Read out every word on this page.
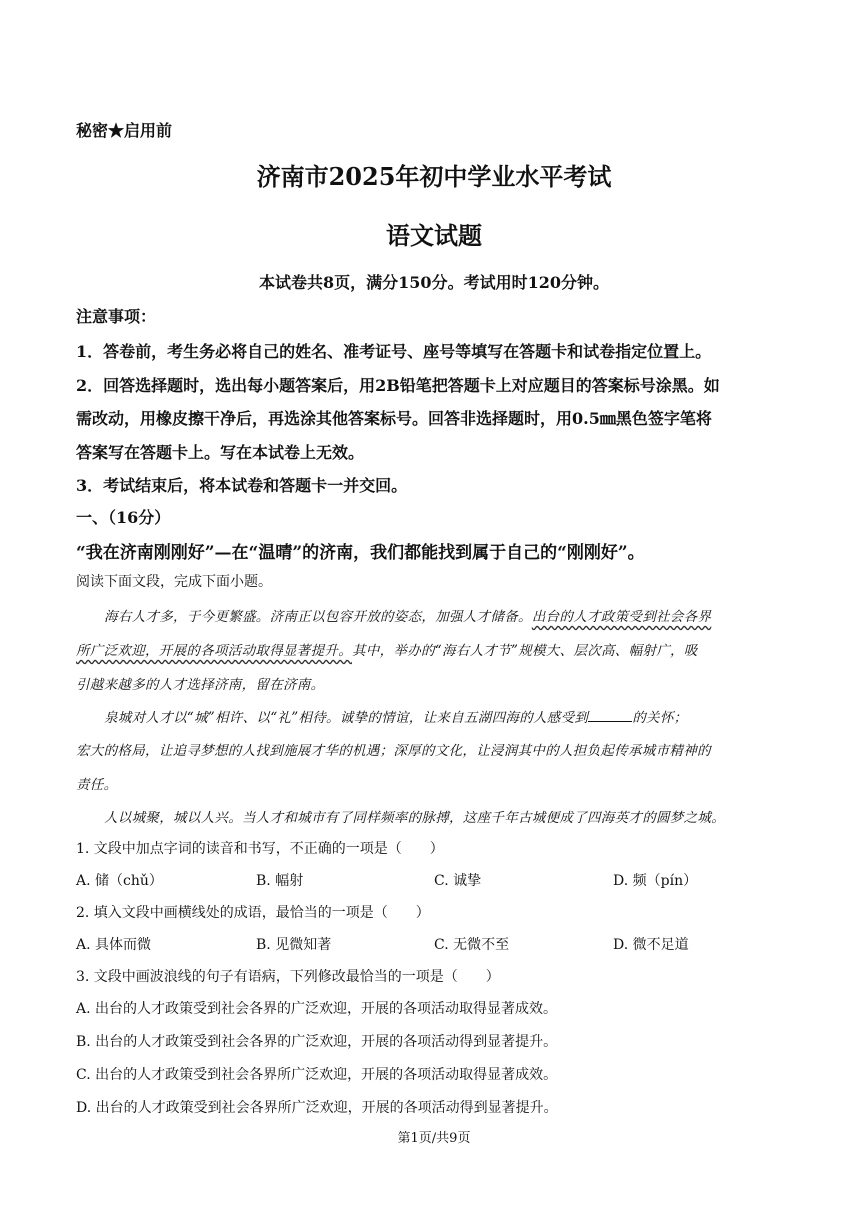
秘密★启用前
济南市2025年初中学业水平考试
语文试题
本试卷共8页，满分150分。考试用时120分钟。
注意事项：
1．答卷前，考生务必将自己的姓名、准考证号、座号等填写在答题卡和试卷指定位置上。
2．回答选择题时，选出每小题答案后，用2B铅笔把答题卡上对应题目的答案标号涂黑。如
需改动，用橡皮擦干净后，再选涂其他答案标号。回答非选择题时，用0.5㎜黑色签字笔将
答案写在答题卡上。写在本试卷上无效。
3．考试结束后，将本试卷和答题卡一并交回。
一、（16分）
“我在济南刚刚好”—在“温晴”的济南，我们都能找到属于自己的“刚刚好”。
阅读下面文段，完成下面小题。
海右人才多，于今更繁盛。济南正以包容开放的姿态，加强人才储备。出台的人才政策受到社会各界
所广泛欢迎，开展的各项活动取得显著提升。其中，举办的“海右人才节”规模大、层次高、幅射广，吸
引越来越多的人才选择济南，留在济南。
泉城对人才以“城”相许、以“礼”相待。诚挚的情谊，让来自五湖四海的人感受到	的关怀；
宏大的格局，让追寻梦想的人找到施展才华的机遇；深厚的文化，让浸润其中的人担负起传承城市精神的
责任。
人以城聚，城以人兴。当人才和城市有了同样频率的脉搏，这座千年古城便成了四海英才的圆梦之城。
1. 文段中加点字词的读音和书写，不正确的一项是（　　）
A. 储（chǔ）	B. 幅射	C. 诚挚	D. 频（pín）
2. 填入文段中画横线处的成语，最恰当的一项是（　　）
A. 具体而微	B. 见微知著	C. 无微不至	D. 微不足道
3. 文段中画波浪线的句子有语病，下列修改最恰当的一项是（　　）
A. 出台的人才政策受到社会各界的广泛欢迎，开展的各项活动取得显著成效。
B. 出台的人才政策受到社会各界的广泛欢迎，开展的各项活动得到显著提升。
C. 出台的人才政策受到社会各界所广泛欢迎，开展的各项活动取得显著成效。
D. 出台的人才政策受到社会各界所广泛欢迎，开展的各项活动得到显著提升。
第1页/共9页
